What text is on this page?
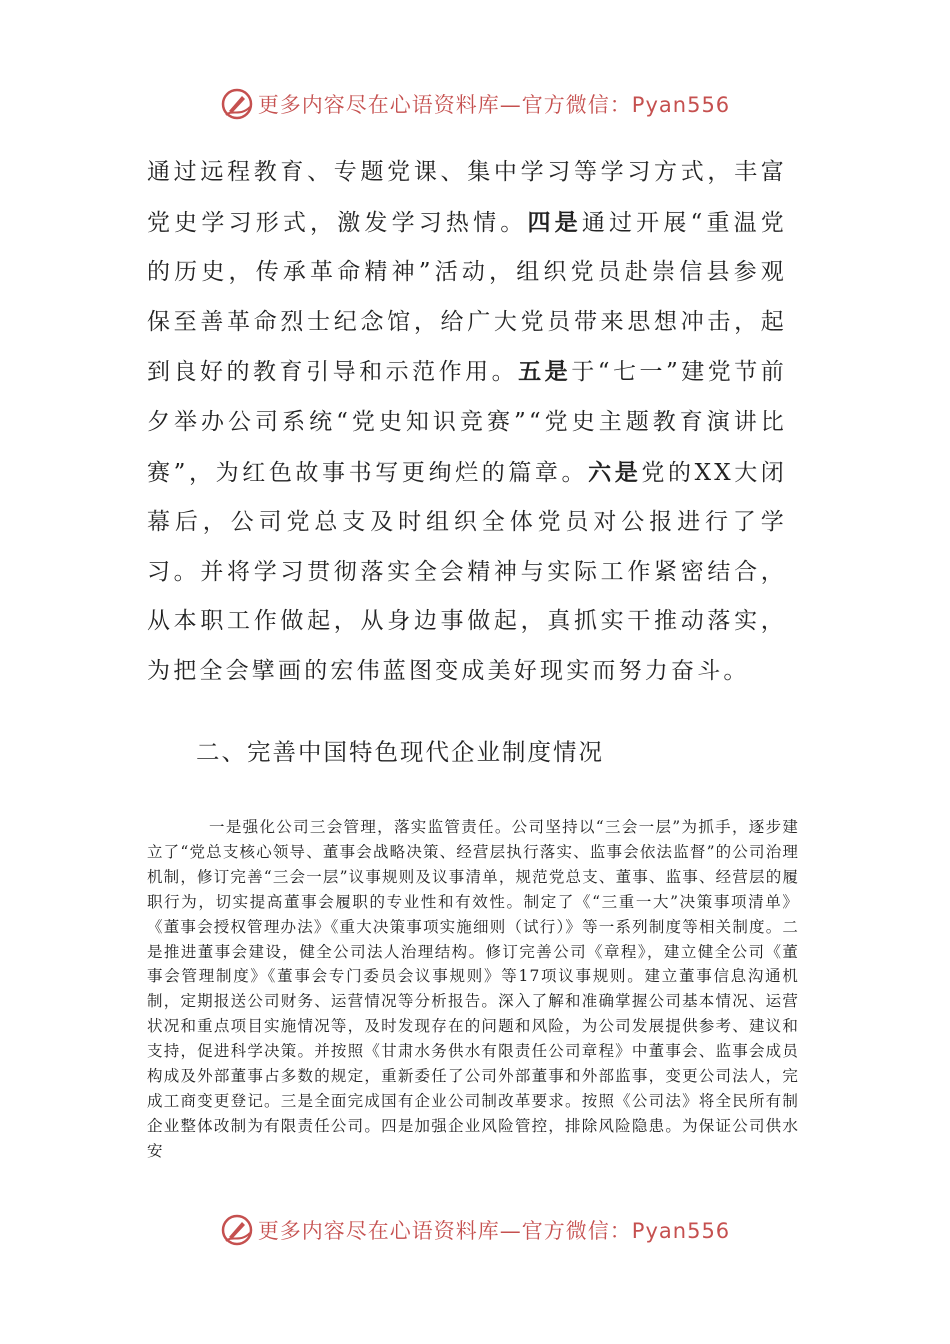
更多内容尽在心语资料库—官方微信：Pyan556

通过远程教育、专题党课、集中学习等学习方式，丰富党史学习形式，激发学习热情。四是通过开展“重温党的历史，传承革命精神”活动，组织党员赴崇信县参观保至善革命烈士纪念馆，给广大党员带来思想冲击，起到良好的教育引导和示范作用。五是于“七一”建党节前夕举办公司系统“党史知识竞赛”“党史主题教育演讲比赛”，为红色故事书写更绚烂的篇章。六是党的XX大闭幕后，公司党总支及时组织全体党员对公报进行了学习。并将学习贯彻落实全会精神与实际工作紧密结合，从本职工作做起，从身边事做起，真抓实干推动落实，为把全会擘画的宏伟蓝图变成美好现实而努力奋斗。

二、完善中国特色现代企业制度情况

一是强化公司三会管理，落实监管责任。公司坚持以“三会一层”为抓手，逐步建立了“党总支核心领导、董事会战略决策、经营层执行落实、监事会依法监督”的公司治理机制，修订完善“三会一层”议事规则及议事清单，规范党总支、董事、监事、经营层的履职行为，切实提高董事会履职的专业性和有效性。制定了《“三重一大”决策事项清单》《董事会授权管理办法》《重大决策事项实施细则（试行）》等一系列制度等相关制度。二是推进董事会建设，健全公司法人治理结构。修订完善公司《章程》，建立健全公司《董事会管理制度》《董事会专门委员会议事规则》等17项议事规则。建立董事信息沟通机制，定期报送公司财务、运营情况等分析报告。深入了解和准确掌握公司基本情况、运营状况和重点项目实施情况等，及时发现存在的问题和风险，为公司发展提供参考、建议和支持，促进科学决策。并按照《甘肃水务供水有限责任公司章程》中董事会、监事会成员构成及外部董事占多数的规定，重新委任了公司外部董事和外部监事，变更公司法人，完成工商变更登记。三是全面完成国有企业公司制改革要求。按照《公司法》将全民所有制企业整体改制为有限责任公司。四是加强企业风险管控，排除风险隐患。为保证公司供水安

更多内容尽在心语资料库—官方微信：Pyan556
